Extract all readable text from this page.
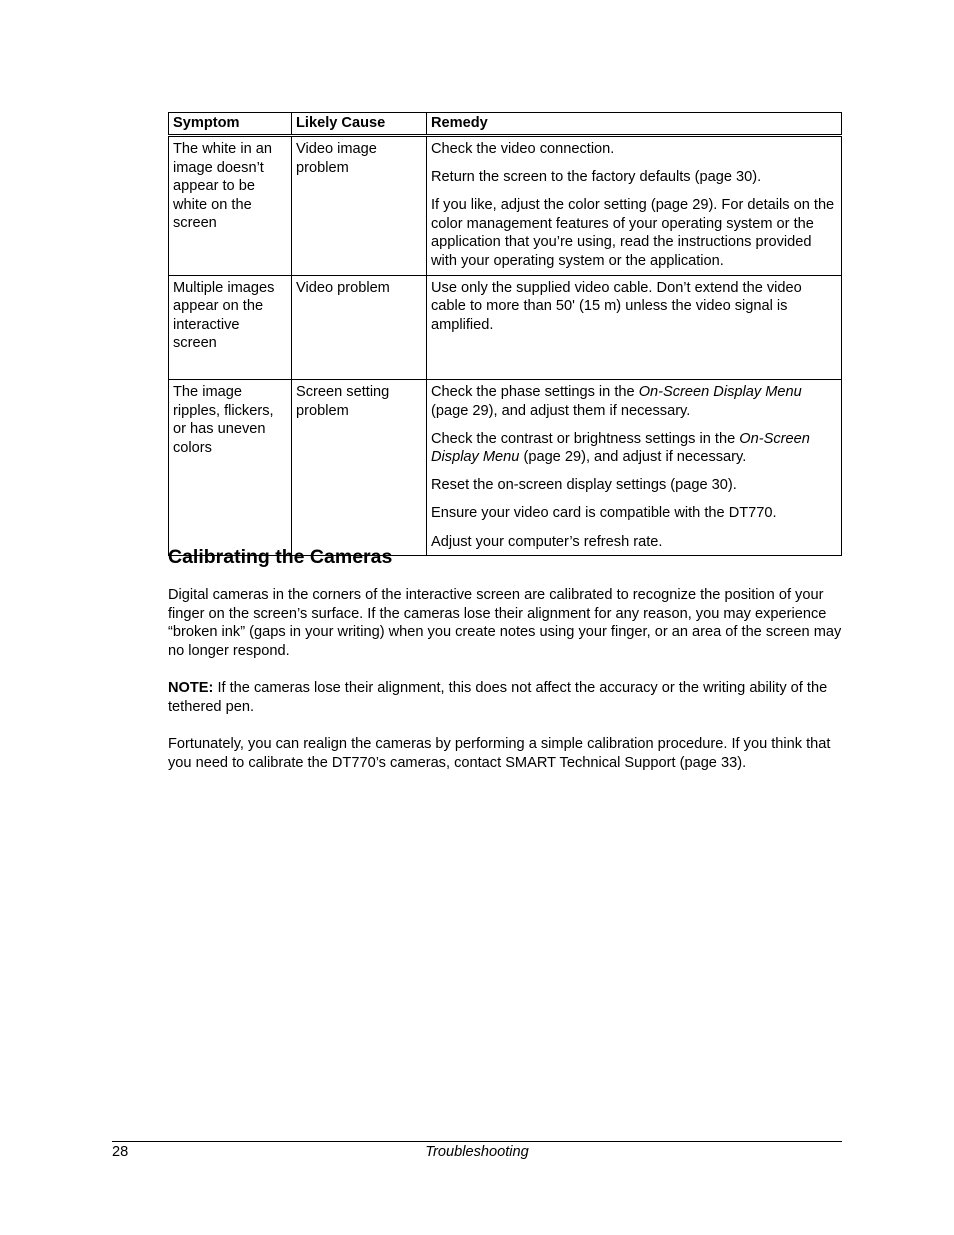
Symptom	Likely Cause	Remedy
The white in an image doesn’t appear to be white on the screen	Video image problem	Check the video connection.

Return the screen to the factory defaults (page 30).

If you like, adjust the color setting (page 29). For details on the color management features of your operating system or the application that you’re using, read the instructions provided with your operating system or the application.

Multiple images appear on the interactive screen	Video problem	Use only the supplied video cable. Don’t extend the video cable to more than 50' (15 m) unless the video signal is amplified.

The image ripples, flickers, or has uneven colors	Screen setting problem	Check the phase settings in the On-Screen Display Menu (page 29), and adjust them if necessary.

Check the contrast or brightness settings in the On-Screen Display Menu (page 29), and adjust if necessary.

Reset the on-screen display settings (page 30).

Ensure your video card is compatible with the DT770.

Adjust your computer’s refresh rate.

Calibrating the Cameras

Digital cameras in the corners of the interactive screen are calibrated to recognize the position of your finger on the screen’s surface. If the cameras lose their alignment for any reason, you may experience “broken ink” (gaps in your writing) when you create notes using your finger, or an area of the screen may no longer respond.

NOTE: If the cameras lose their alignment, this does not affect the accuracy or the writing ability of the tethered pen.

Fortunately, you can realign the cameras by performing a simple calibration procedure. If you think that you need to calibrate the DT770’s cameras, contact SMART Technical Support (page 33).

28	Troubleshooting
